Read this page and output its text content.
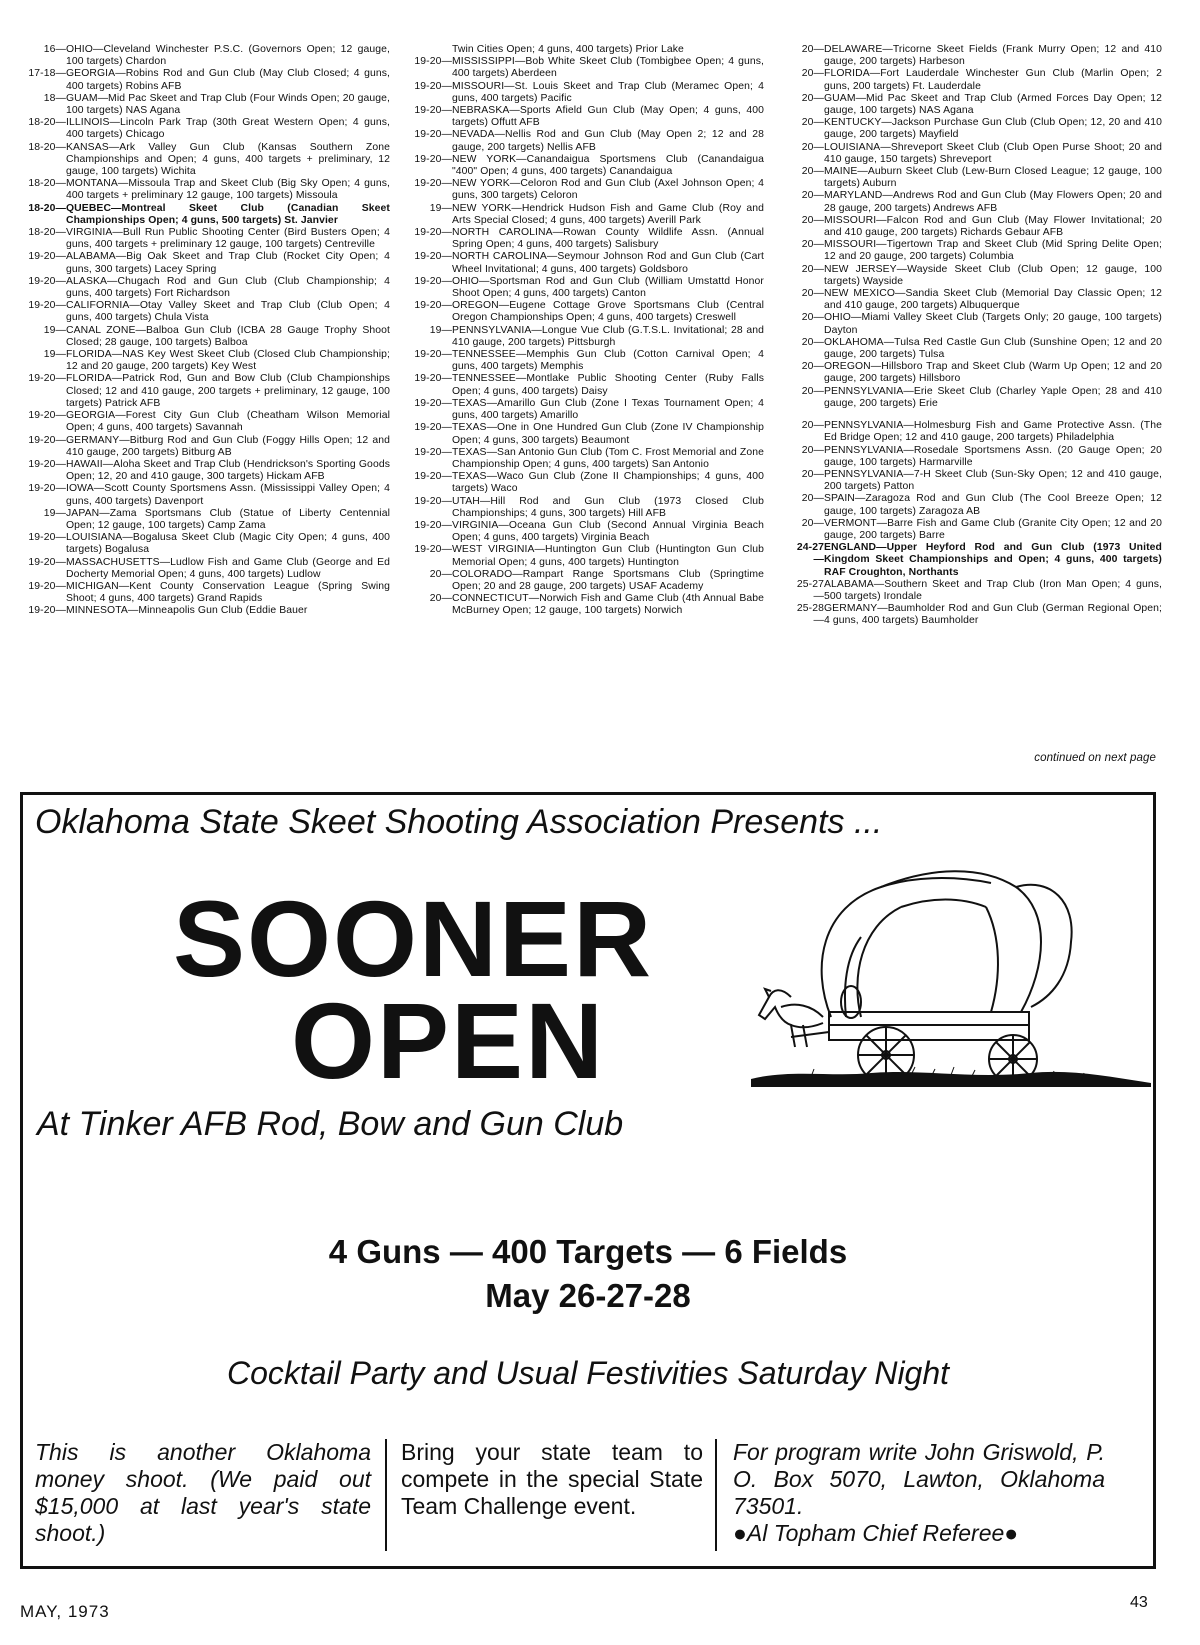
16— OHIO—Cleveland Winchester P.S.C. (Governors Open; 12 gauge, 100 targets) Chardon
17-18— GEORGIA—Robins Rod and Gun Club (May Club Closed; 4 guns, 400 targets) Robins AFB
18— GUAM—Mid Pac Skeet and Trap Club (Four Winds Open; 20 gauge, 100 targets) NAS Agana
18-20— ILLINOIS—Lincoln Park Trap (30th Great Western Open; 4 guns, 400 targets) Chicago
18-20— KANSAS—Ark Valley Gun Club (Kansas Southern Zone Championships and Open; 4 guns, 400 targets + preliminary, 12 gauge, 100 targets) Wichita
18-20— MONTANA—Missoula Trap and Skeet Club (Big Sky Open; 4 guns, 400 targets + preliminary 12 gauge, 100 targets) Missoula
18-20— QUEBEC—Montreal Skeet Club (Canadian Skeet Championships Open; 4 guns, 500 targets) St. Janvier
18-20— VIRGINIA—Bull Run Public Shooting Center (Bird Busters Open; 4 guns, 400 targets + preliminary 12 gauge, 100 targets) Centreville
19-20— ALABAMA—Big Oak Skeet and Trap Club (Rocket City Open; 4 guns, 300 targets) Lacey Spring
19-20— ALASKA—Chugach Rod and Gun Club (Club Championship; 4 guns, 400 targets) Fort Richardson
19-20— CALIFORNIA—Otay Valley Skeet and Trap Club (Club Open; 4 guns, 400 targets) Chula Vista
19— CANAL ZONE—Balboa Gun Club (ICBA 28 Gauge Trophy Shoot Closed; 28 gauge, 100 targets) Balboa
19— FLORIDA—NAS Key West Skeet Club (Closed Club Championship; 12 and 20 gauge, 200 targets) Key West
19-20— FLORIDA—Patrick Rod, Gun and Bow Club (Club Championships Closed; 12 and 410 gauge, 200 targets + preliminary, 12 gauge, 100 targets) Patrick AFB
19-20— GEORGIA—Forest City Gun Club (Cheatham Wilson Memorial Open; 4 guns, 400 targets) Savannah
19-20— GERMANY—Bitburg Rod and Gun Club (Foggy Hills Open; 12 and 410 gauge, 200 targets) Bitburg AB
19-20— HAWAII—Aloha Skeet and Trap Club (Hendrickson's Sporting Goods Open; 12, 20 and 410 gauge, 300 targets) Hickam AFB
19-20— IOWA—Scott County Sportsmens Assn. (Mississippi Valley Open; 4 guns, 400 targets) Davenport
19— JAPAN—Zama Sportsmans Club (Statue of Liberty Centennial Open; 12 gauge, 100 targets) Camp Zama
19-20— LOUISIANA—Bogalusa Skeet Club (Magic City Open; 4 guns, 400 targets) Bogalusa
19-20— MASSACHUSETTS—Ludlow Fish and Game Club (George and Ed Docherty Memorial Open; 4 guns, 400 targets) Ludlow
19-20— MICHIGAN—Kent County Conservation League (Spring Swing Shoot; 4 guns, 400 targets) Grand Rapids
19-20— MINNESOTA—Minneapolis Gun Club (Eddie Bauer
Twin Cities Open; 4 guns, 400 targets) Prior Lake
19-20— MISSISSIPPI—Bob White Skeet Club (Tombigbee Open; 4 guns, 400 targets) Aberdeen
19-20— MISSOURI—St. Louis Skeet and Trap Club (Meramec Open; 4 guns, 400 targets) Pacific
19-20— NEBRASKA—Sports Afield Gun Club (May Open; 4 guns, 400 targets) Offutt AFB
19-20— NEVADA—Nellis Rod and Gun Club (May Open 2; 12 and 28 gauge, 200 targets) Nellis AFB
19-20— NEW YORK—Canandaigua Sportsmens Club (Canandaigua "400" Open; 4 guns, 400 targets) Canandaigua
19-20— NEW YORK—Celoron Rod and Gun Club (Axel Johnson Open; 4 guns, 300 targets) Celoron
19— NEW YORK—Hendrick Hudson Fish and Game Club (Roy and Arts Special Closed; 4 guns, 400 targets) Averill Park
19-20— NORTH CAROLINA—Rowan County Wildlife Assn. (Annual Spring Open; 4 guns, 400 targets) Salisbury
19-20— NORTH CAROLINA—Seymour Johnson Rod and Gun Club (Cart Wheel Invitational; 4 guns, 400 targets) Goldsboro
19-20— OHIO—Sportsman Rod and Gun Club (William Umstattd Honor Shoot Open; 4 guns, 400 targets) Canton
19-20— OREGON—Eugene Cottage Grove Sportsmans Club (Central Oregon Championships Open; 4 guns, 400 targets) Creswell
19— PENNSYLVANIA—Longue Vue Club (G.T.S.L. Invitational; 28 and 410 gauge, 200 targets) Pittsburgh
19-20— TENNESSEE—Memphis Gun Club (Cotton Carnival Open; 4 guns, 400 targets) Memphis
19-20— TENNESSEE—Montlake Public Shooting Center (Ruby Falls Open; 4 guns, 400 targets) Daisy
19-20— TEXAS—Amarillo Gun Club (Zone I Texas Tournament Open; 4 guns, 400 targets) Amarillo
19-20— TEXAS—One in One Hundred Gun Club (Zone IV Championship Open; 4 guns, 300 targets) Beaumont
19-20— TEXAS—San Antonio Gun Club (Tom C. Frost Memorial and Zone Championship Open; 4 guns, 400 targets) San Antonio
19-20— TEXAS—Waco Gun Club (Zone II Championships; 4 guns, 400 targets) Waco
19-20— UTAH—Hill Rod and Gun Club (1973 Closed Club Championships; 4 guns, 300 targets) Hill AFB
19-20— VIRGINIA—Oceana Gun Club (Second Annual Virginia Beach Open; 4 guns, 400 targets) Virginia Beach
19-20— WEST VIRGINIA—Huntington Gun Club (Huntington Gun Club Memorial Open; 4 guns, 400 targets) Huntington
20— COLORADO—Rampart Range Sportsmans Club (Springtime Open; 20 and 28 gauge, 200 targets) USAF Academy
20— CONNECTICUT—Norwich Fish and Game Club (4th Annual Babe McBurney Open; 12 gauge, 100 targets) Norwich
20— DELAWARE—Tricorne Skeet Fields (Frank Murry Open; 12 and 410 gauge, 200 targets) Harbeson
20— FLORIDA—Fort Lauderdale Winchester Gun Club (Marlin Open; 2 guns, 200 targets) Ft. Lauderdale
20— GUAM—Mid Pac Skeet and Trap Club (Armed Forces Day Open; 12 gauge, 100 targets) NAS Agana
20— KENTUCKY—Jackson Purchase Gun Club (Club Open; 12, 20 and 410 gauge, 200 targets) Mayfield
20— LOUISIANA—Shreveport Skeet Club (Club Open Purse Shoot; 20 and 410 gauge, 150 targets) Shreveport
20— MAINE—Auburn Skeet Club (Lew-Burn Closed League; 12 gauge, 100 targets) Auburn
20— MARYLAND—Andrews Rod and Gun Club (May Flowers Open; 20 and 28 gauge, 200 targets) Andrews AFB
20— MISSOURI—Falcon Rod and Gun Club (May Flower Invitational; 20 and 410 gauge, 200 targets) Richards Gebaur AFB
20— MISSOURI—Tigertown Trap and Skeet Club (Mid Spring Delite Open; 12 and 20 gauge, 200 targets) Columbia
20— NEW JERSEY—Wayside Skeet Club (Club Open; 12 gauge, 100 targets) Wayside
20— NEW MEXICO—Sandia Skeet Club (Memorial Day Classic Open; 12 and 410 gauge, 200 targets) Albuquerque
20— OHIO—Miami Valley Skeet Club (Targets Only; 20 gauge, 100 targets) Dayton
20— OKLAHOMA—Tulsa Red Castle Gun Club (Sunshine Open; 12 and 20 gauge, 200 targets) Tulsa
20— OREGON—Hillsboro Trap and Skeet Club (Warm Up Open; 12 and 20 gauge, 200 targets) Hillsboro
20— PENNSYLVANIA—Erie Skeet Club (Charley Yaple Open; 28 and 410 gauge, 200 targets) Erie
20— PENNSYLVANIA—Holmesburg Fish and Game Protective Assn. (The Ed Bridge Open; 12 and 410 gauge, 200 targets) Philadelphia
20— PENNSYLVANIA—Rosedale Sportsmens Assn. (20 Gauge Open; 20 gauge, 100 targets) Harmarville
20— PENNSYLVANIA—7-H Skeet Club (Sun-Sky Open; 12 and 410 gauge, 200 targets) Patton
20— SPAIN—Zaragoza Rod and Gun Club (The Cool Breeze Open; 12 gauge, 100 targets) Zaragoza AB
20— VERMONT—Barre Fish and Game Club (Granite City Open; 12 and 20 gauge, 200 targets) Barre
24-27—
ENGLAND—Upper Heyford Rod and Gun Club (1973 United Kingdom Skeet Championships and Open; 4 guns, 400 targets) RAF Croughton, Northants
25-27—
ALABAMA—Southern Skeet and Trap Club (Iron Man Open; 4 guns, 500 targets) Irondale
25-28—
GERMANY—Baumholder Rod and Gun Club (German Regional Open; 4 guns, 400 targets) Baumholder
continued on next page
Oklahoma State Skeet Shooting Association Presents ...
SOONER
OPEN
At Tinker AFB Rod, Bow and Gun Club
4 Guns — 400 Targets — 6 Fields
May 26-27-28
Cocktail Party and Usual Festivities Saturday Night
This is another Oklahoma money shoot. (We paid out $15,000 at last year's state shoot.)
Bring your state team to compete in the special State Team Challenge event.
For program write John Griswold, P. O. Box 5070, Lawton, Oklahoma 73501.
●Al Topham Chief Referee●
MAY, 1973	43
